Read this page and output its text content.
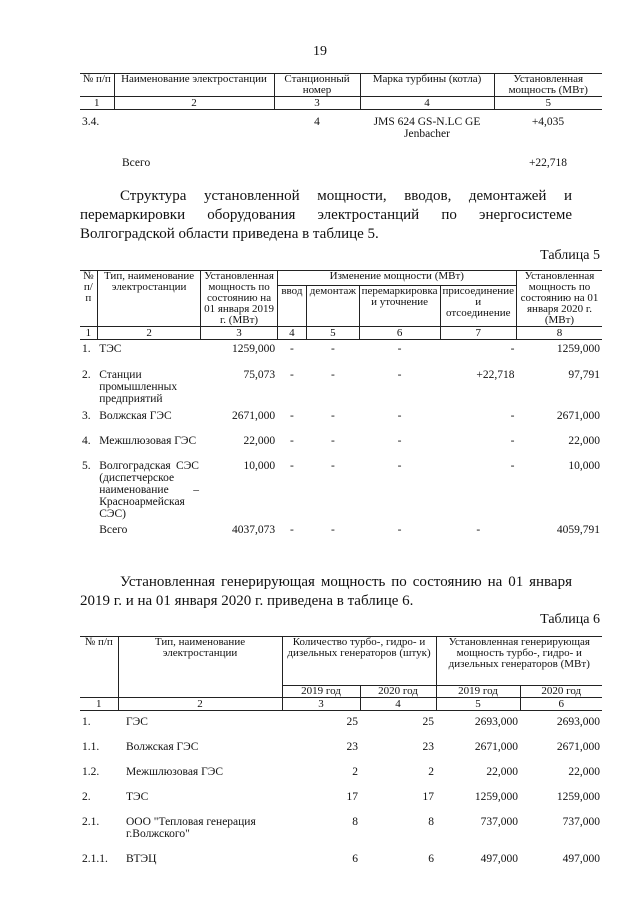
19
№ п/п	Наименование электростанции	Станционный номер	Марка турбины (котла)	Установленная мощность (МВт)
1	2	3	4	5
3.4.		4	JMS 624 GS-N.LC GE Jenbacher	+4,035
	Всего			+22,718
Структура установленной мощности, вводов, демонтажей и перемаркировки оборудования электростанций по энергосистеме Волгоградской области приведена в таблице 5.
Таблица 5
№ п/ п	Тип, наименование электростанции	Установленная мощность по состоянию на 01 января 2019 г. (МВт)	Изменение мощности (МВт)				Установленная мощность по состоянию на 01 января 2020 г. (МВт)
			ввод	демонтаж	перемаркировка и уточнение	присоединение и отсоединение	
1	2	3	4	5	6	7	8
1.	ТЭС	1259,000	-	-	-	-	1259,000
2.	Станции промышленных предприятий	75,073	-	-	-	+22,718	97,791
3.	Волжская ГЭС	2671,000	-	-	-	-	2671,000
4.	Межшлюзовая ГЭС	22,000	-	-	-	-	22,000
5.	Волгоградская СЭС (диспетчерское наименование – Красноармейская СЭС)	10,000	-	-	-	-	10,000
	Всего	4037,073	-	-	-	-	4059,791
Установленная генерирующая мощность по состоянию на 01 января 2019 г. и на 01 января 2020 г. приведена в таблице 6.
Таблица 6
№ п/п	Тип, наименование электростанции	Количество турбо-, гидро- и дизельных генераторов (штук)		Установленная генерирующая мощность турбо-, гидро- и дизельных генераторов (МВт)	
		2019 год	2020 год	2019 год	2020 год
1	2	3	4	5	6
1.	ГЭС	25	25	2693,000	2693,000
1.1.	Волжская ГЭС	23	23	2671,000	2671,000
1.2.	Межшлюзовая ГЭС	2	2	22,000	22,000
2.	ТЭС	17	17	1259,000	1259,000
2.1.	ООО "Тепловая генерация г.Волжского"	8	8	737,000	737,000
2.1.1.	ВТЭЦ	6	6	497,000	497,000
